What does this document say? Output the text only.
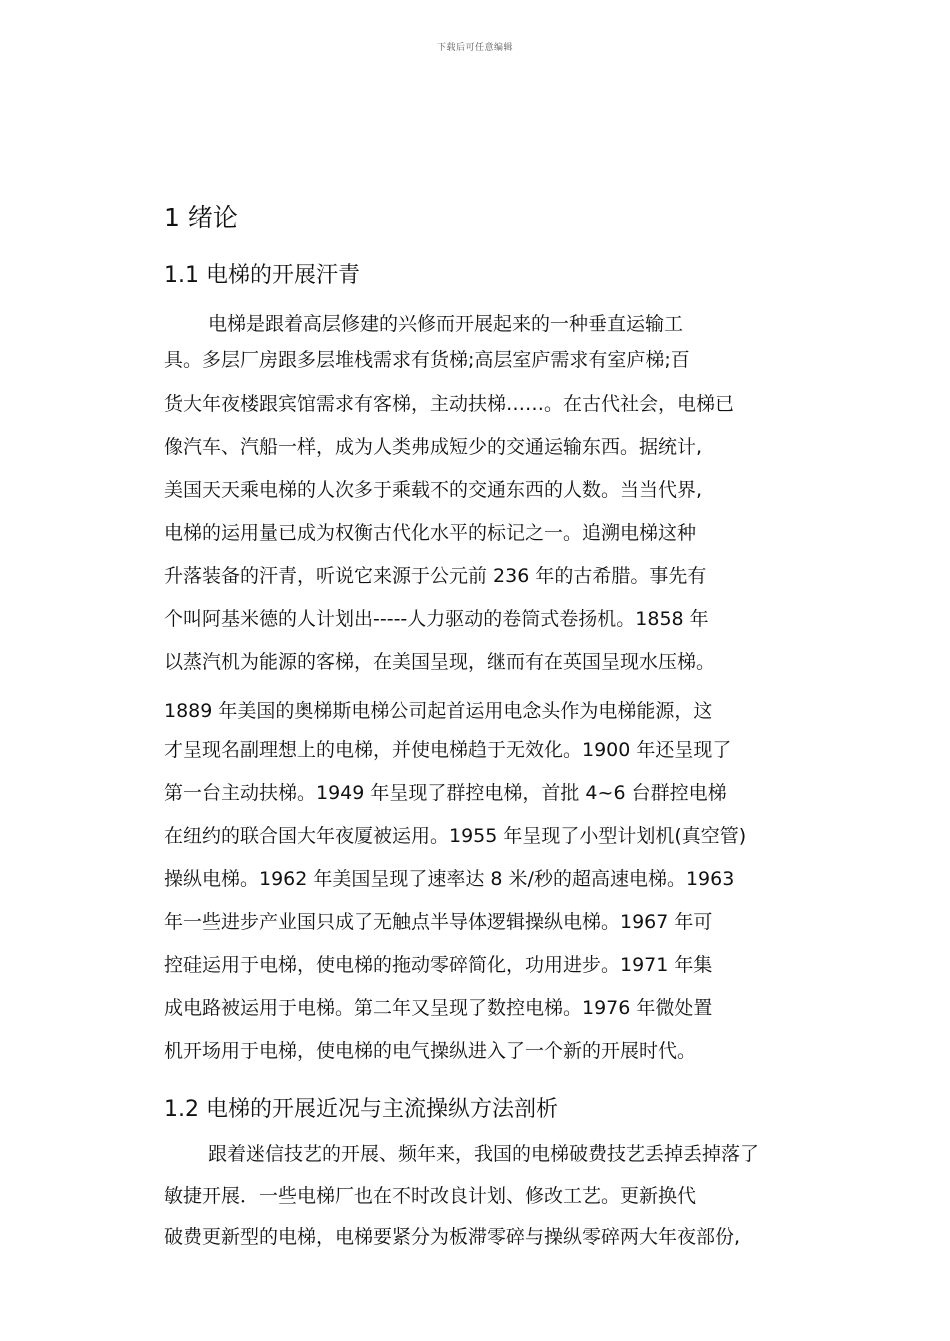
下载后可任意编辑
1 绪论
1.1 电梯的开展汗青

电梯是跟着高层修建的兴修而开展起来的一种垂直运输工

具。多层厂房跟多层堆栈需求有货梯;高层室庐需求有室庐梯;百

货大年夜楼跟宾馆需求有客梯，主动扶梯……。在古代社会，电梯已

像汽车、汽船一样，成为人类弗成短少的交通运输东西。据统计,

美国天天乘电梯的人次多于乘载不的交通东西的人数。当当代界,

电梯的运用量已成为权衡古代化水平的标记之一。追溯电梯这种

升落装备的汗青，听说它来源于公元前 236 年的古希腊。事先有

个叫阿基米德的人计划出-----人力驱动的卷筒式卷扬机。1858 年

以蒸汽机为能源的客梯，在美国呈现，继而有在英国呈现水压梯。

1889 年美国的奥梯斯电梯公司起首运用电念头作为电梯能源，这

才呈现名副理想上的电梯，并使电梯趋于无效化。1900 年还呈现了

第一台主动扶梯。1949 年呈现了群控电梯，首批 4~6 台群控电梯

在纽约的联合国大年夜厦被运用。1955 年呈现了小型计划机(真空管)

操纵电梯。1962 年美国呈现了速率达 8 米/秒的超高速电梯。1963

年一些进步产业国只成了无触点半导体逻辑操纵电梯。1967 年可

控硅运用于电梯，使电梯的拖动零碎简化，功用进步。1971 年集

成电路被运用于电梯。第二年又呈现了数控电梯。1976 年微处置

机开场用于电梯，使电梯的电气操纵进入了一个新的开展时代。

1.2 电梯的开展近况与主流操纵方法剖析

跟着迷信技艺的开展、频年来，我国的电梯破费技艺丢掉丢掉落了

敏捷开展．一些电梯厂也在不时改良计划、修改工艺。更新换代

破费更新型的电梯，电梯要紧分为板滞零碎与操纵零碎两大年夜部份,
